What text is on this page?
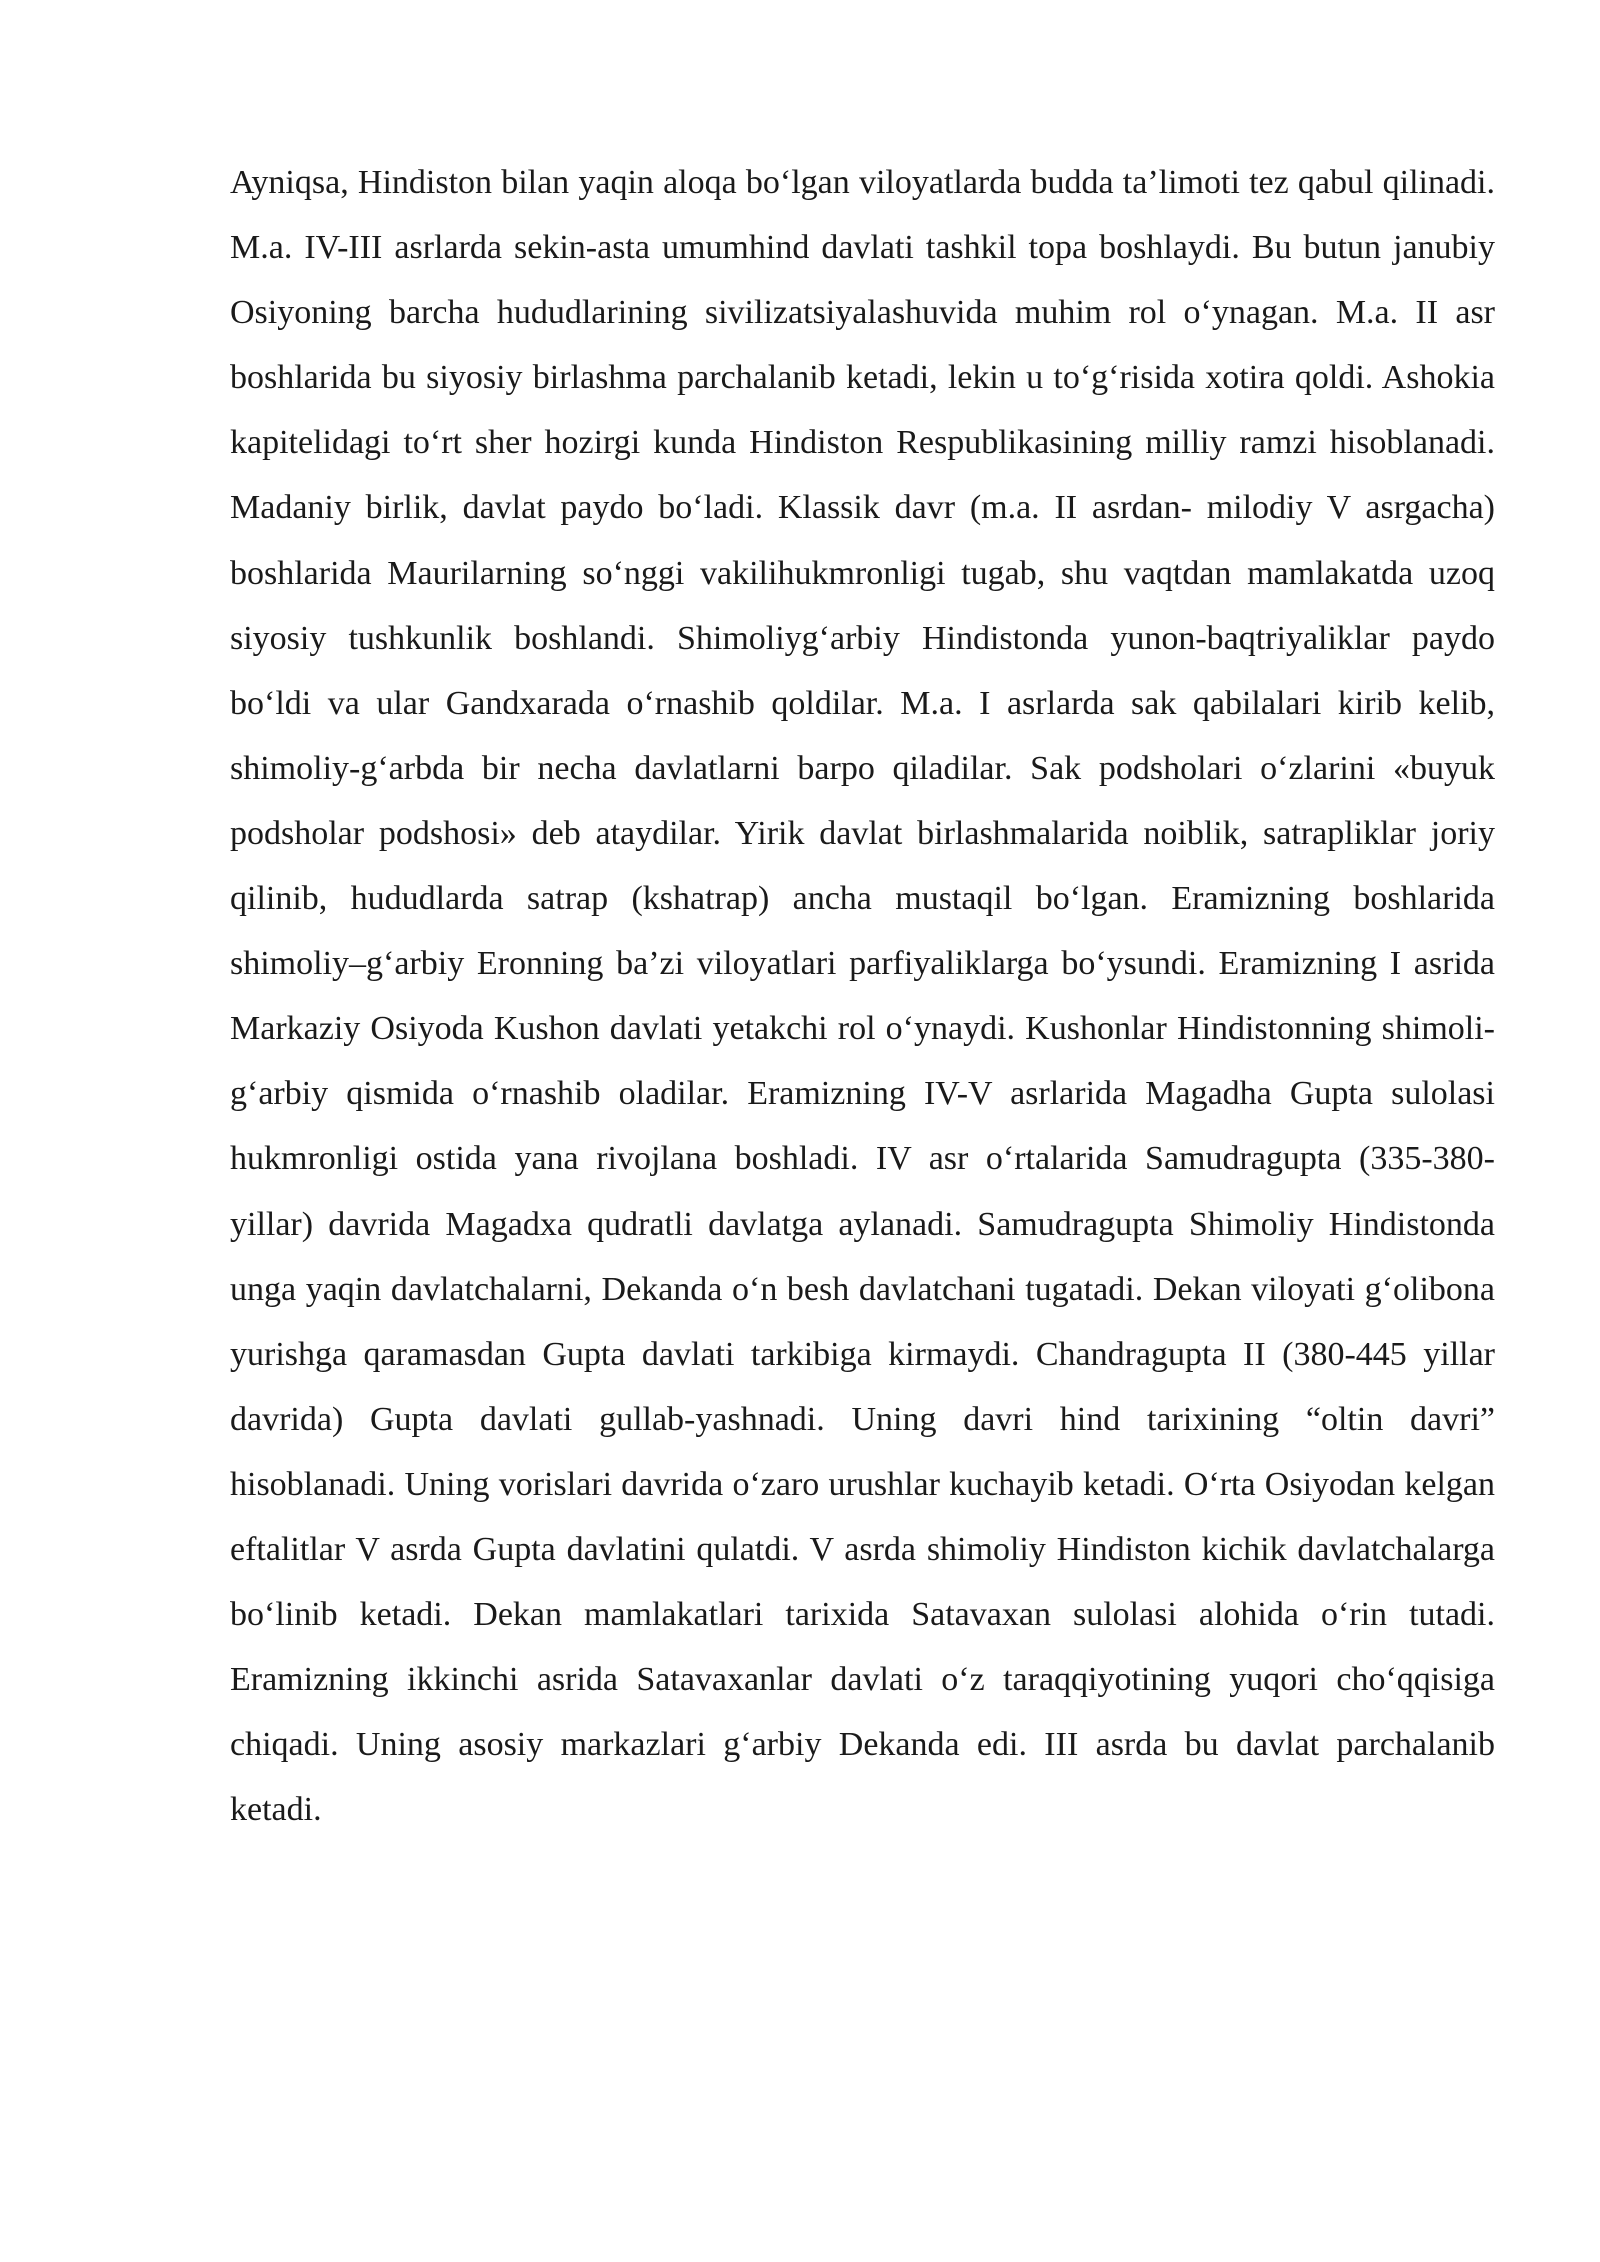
Ayniqsa, Hindiston bilan yaqin aloqa bo‘lgan viloyatlarda budda ta’limoti tez qabul qilinadi. M.a. IV-III asrlarda sekin-asta umumhind davlati tashkil topa boshlaydi. Bu butun janubiy Osiyoning barcha hududlarining sivilizatsiyalashuvida muhim rol o‘ynagan. M.a. II asr boshlarida bu siyosiy birlashma parchalanib ketadi, lekin u to‘g‘risida xotira qoldi. Ashokia kapitelidagi to‘rt sher hozirgi kunda Hindiston Respublikasining milliy ramzi hisoblanadi. Madaniy birlik, davlat paydo bo‘ladi. Klassik davr (m.a. II asrdan- milodiy V asrgacha) boshlarida Maurilarning so‘nggi vakilihukmronligi tugab, shu vaqtdan mamlakatda uzoq siyosiy tushkunlik boshlandi. Shimoliyg‘arbiy Hindistonda yunon-baqtriyaliklar paydo bo‘ldi va ular Gandxarada o‘rnashib qoldilar. M.a. I asrlarda sak qabilalari kirib kelib, shimoliy-g‘arbda bir necha davlatlarni barpo qiladilar. Sak podsholari o‘zlarini «buyuk podsholar podshosi» deb ataydilar. Yirik davlat birlashmalarida noiblik, satrapliklar joriy qilinib, hududlarda satrap (kshatrap) ancha mustaqil bo‘lgan. Eramizning boshlarida shimoliy–g‘arbiy Eronning ba’zi viloyatlari parfiyaliklarga bo‘ysundi. Eramizning I asrida Markaziy Osiyoda Kushon davlati yetakchi rol o‘ynaydi. Kushonlar Hindistonning shimoli-g‘arbiy qismida o‘rnashib oladilar. Eramizning IV-V asrlarida Magadha Gupta sulolasi hukmronligi ostida yana rivojlana boshladi. IV asr o‘rtalarida Samudragupta (335-380-yillar) davrida Magadxa qudratli davlatga aylanadi. Samudragupta Shimoliy Hindistonda unga yaqin davlatchalarni, Dekanda o‘n besh davlatchani tugatadi. Dekan viloyati g‘olibona yurishga qaramasdan Gupta davlati tarkibiga kirmaydi. Chandragupta II (380-445 yillar davrida) Gupta davlati gullab-yashnadi. Uning davri hind tarixining “oltin davri” hisoblanadi. Uning vorislari davrida o‘zaro urushlar kuchayib ketadi. O‘rta Osiyodan kelgan eftalitlar V asrda Gupta davlatini qulatdi. V asrda shimoliy Hindiston kichik davlatchalarga bo‘linib ketadi. Dekan mamlakatlari tarixida Satavaxan sulolasi alohida o‘rin tutadi. Eramizning ikkinchi asrida Satavaxanlar davlati o‘z taraqqiyotining yuqori cho‘qqisiga chiqadi. Uning asosiy markazlari g‘arbiy Dekanda edi. III asrda bu davlat parchalanib ketadi.
